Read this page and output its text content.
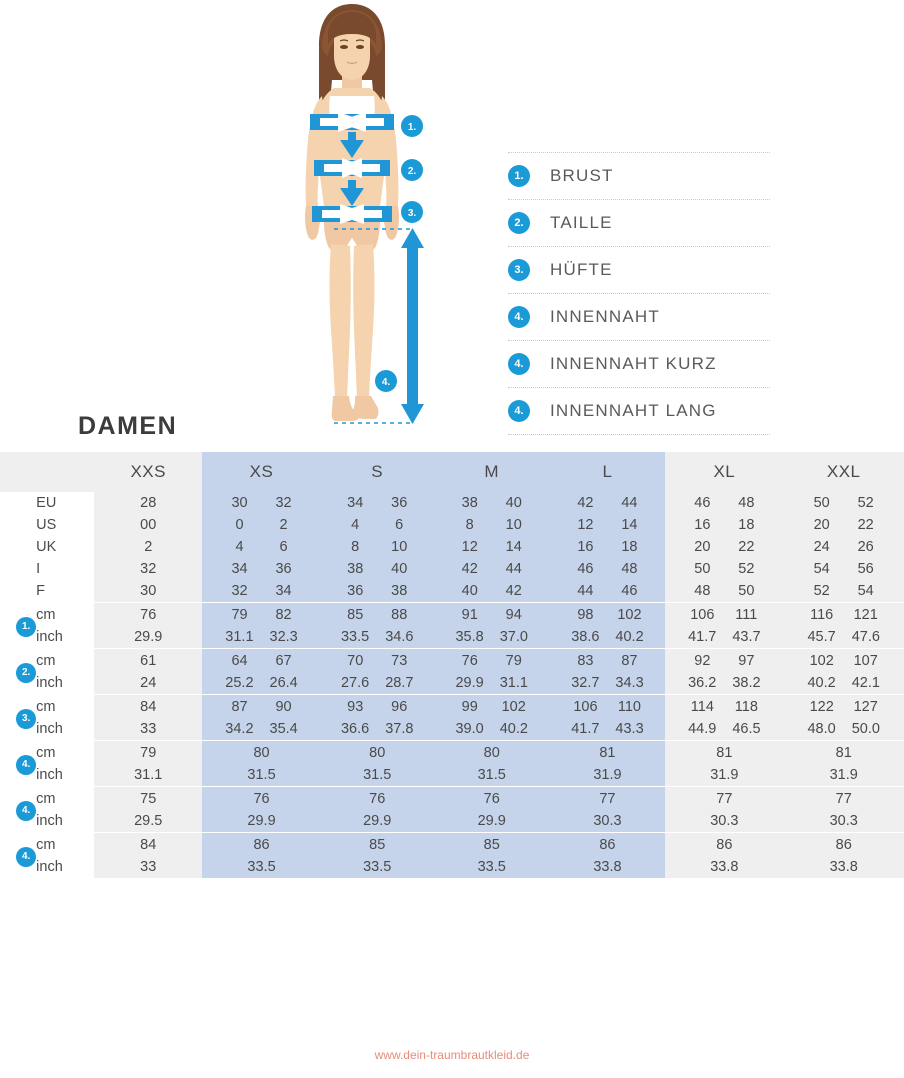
1.
2.
3.
4.
1.	BRUST
2.	TAILLE
3.	HÜFTE
4.	INNENNAHT
4.	INNENNAHT KURZ
4.	INNENNAHT LANG
DAMEN
		XXS	XS	S	M	L	XL	XXL
	EU	28	30 32	34 36	38 40	42 44	46 48	50 52

	US	00	0 2	4 6	8 10	12 14	16 18	20 22

	UK	2	4 6	8 10	12 14	16 18	20 22	24 26

	I	32	34 36	38 40	42 44	46 48	50 52	54 56

	F	30	32 34	36 38	40 42	44 46	48 50	52 54

1.	cm	76	79 82	85 88	91 94	98 102	106 111	116 121

	inch	29.9	31.1 32.3	33.5 34.6	35.8 37.0	38.6 40.2	41.7 43.7	45.7 47.6

2.	cm	61	64 67	70 73	76 79	83 87	92 97	102 107

	inch	24	25.2 26.4	27.6 28.7	29.9 31.1	32.7 34.3	36.2 38.2	40.2 42.1

3.	cm	84	87 90	93 96	99 102	106 110	114 118	122 127

	inch	33	34.2 35.4	36.6 37.8	39.0 40.2	41.7 43.3	44.9 46.5	48.0 50.0

4.	cm	79	80	80	80	81	81	81
	inch	31.1	31.5	31.5	31.5	31.9	31.9	31.9

4.	cm	75	76	76	76	77	77	77
	inch	29.5	29.9	29.9	29.9	30.3	30.3	30.3

4.	cm	84	86	85	85	86	86	86
	inch	33	33.5	33.5	33.5	33.8	33.8	33.8
www.dein-traumbrautkleid.de
